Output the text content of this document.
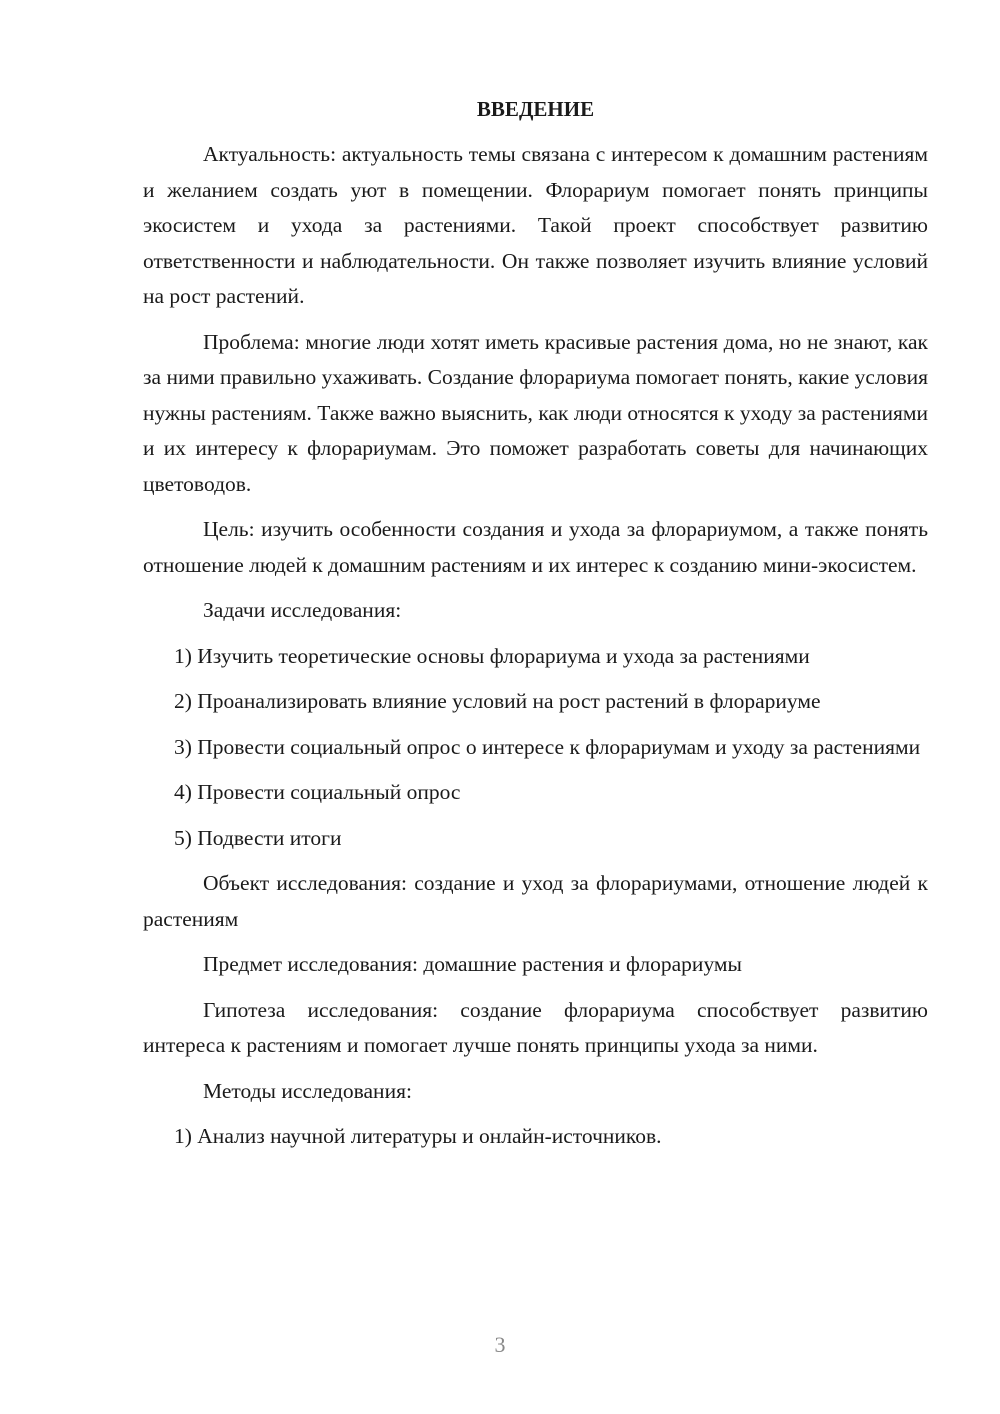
ВВЕДЕНИЕ

Актуальность: актуальность темы связана с интересом к домашним растениям и желанием создать уют в помещении. Флорариум помогает понять принципы экосистем и ухода за растениями. Такой проект способствует развитию ответственности и наблюдательности. Он также позволяет изучить влияние условий на рост растений.

Проблема: многие люди хотят иметь красивые растения дома, но не знают, как за ними правильно ухаживать. Создание флорариума помогает понять, какие условия нужны растениям. Также важно выяснить, как люди относятся к уходу за растениями и их интересу к флорариумам. Это поможет разработать советы для начинающих цветоводов.

Цель: изучить особенности создания и ухода за флорариумом, а также понять отношение людей к домашним растениям и их интерес к созданию мини-экосистем.

Задачи исследования:

1) Изучить теоретические основы флорариума и ухода за растениями

2) Проанализировать влияние условий на рост растений в флорариуме

3) Провести социальный опрос о интересе к флорариумам и уходу за растениями

4) Провести социальный опрос

5) Подвести итоги

Объект исследования: создание и уход за флорариумами, отношение людей к растениям

Предмет исследования: домашние растения и флорариумы

Гипотеза исследования: создание флорариума способствует развитию интереса к растениям и помогает лучше понять принципы ухода за ними.

Методы исследования:

1) Анализ научной литературы и онлайн-источников.

3
